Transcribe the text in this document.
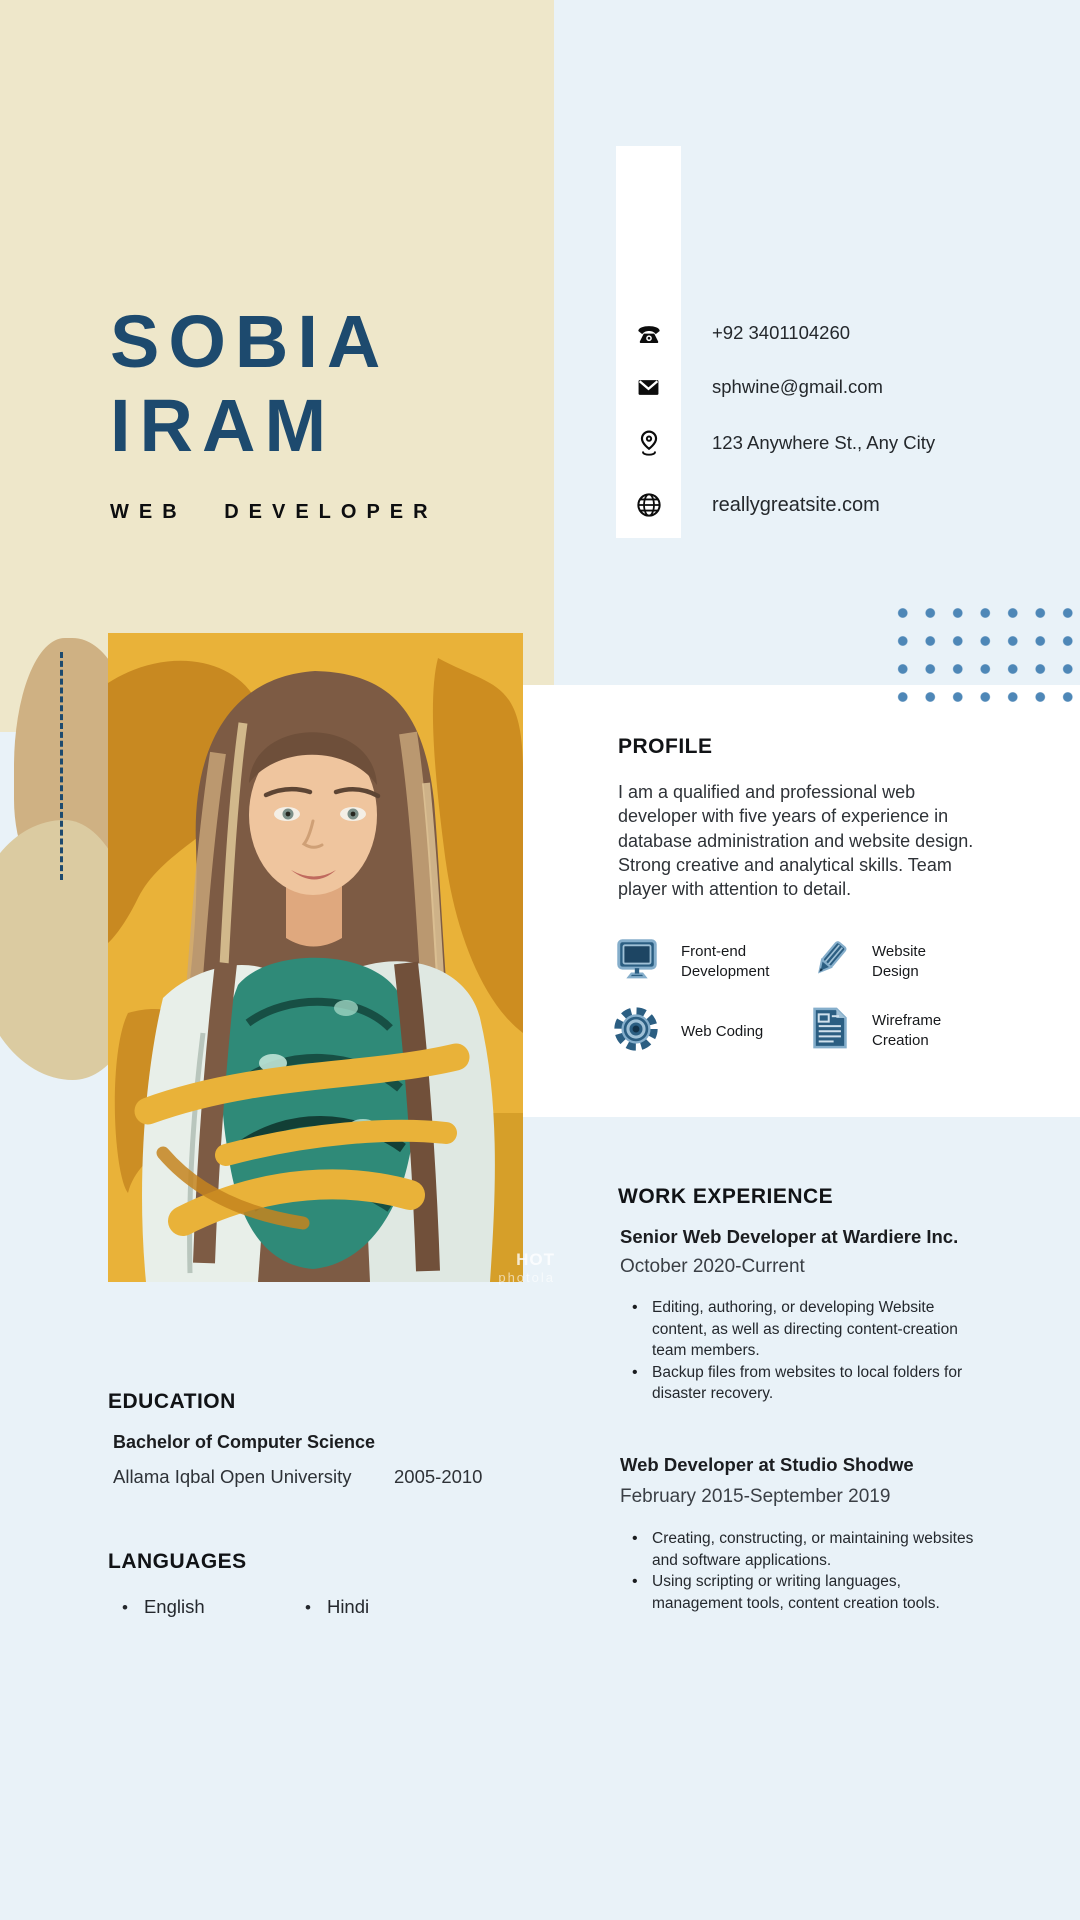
HOT
photola
SOBIA
IRAM
WEB DEVELOPER
+92 3401104260
sphwine@gmail.com
123 Anywhere St., Any City
reallygreatsite.com
PROFILE
I am a qualified and professional web developer with five years of experience in database administration and website design. Strong creative and analytical skills. Team player with attention to detail.
Front-end Development
Website Design
Web Coding
Wireframe Creation
WORK EXPERIENCE
Senior Web Developer at Wardiere Inc.
October 2020-Current
• Editing, authoring, or developing Website content, as well as directing content-creation team members.
• Backup files from websites to local folders for disaster recovery.
Web Developer at Studio Shodwe
February 2015-September 2019
• Creating, constructing, or maintaining websites and software applications.
• Using scripting or writing languages, management tools, content creation tools.
EDUCATION
Bachelor of Computer Science
Allama Iqbal Open University 2005-2010
LANGUAGES
• English	• Hindi
